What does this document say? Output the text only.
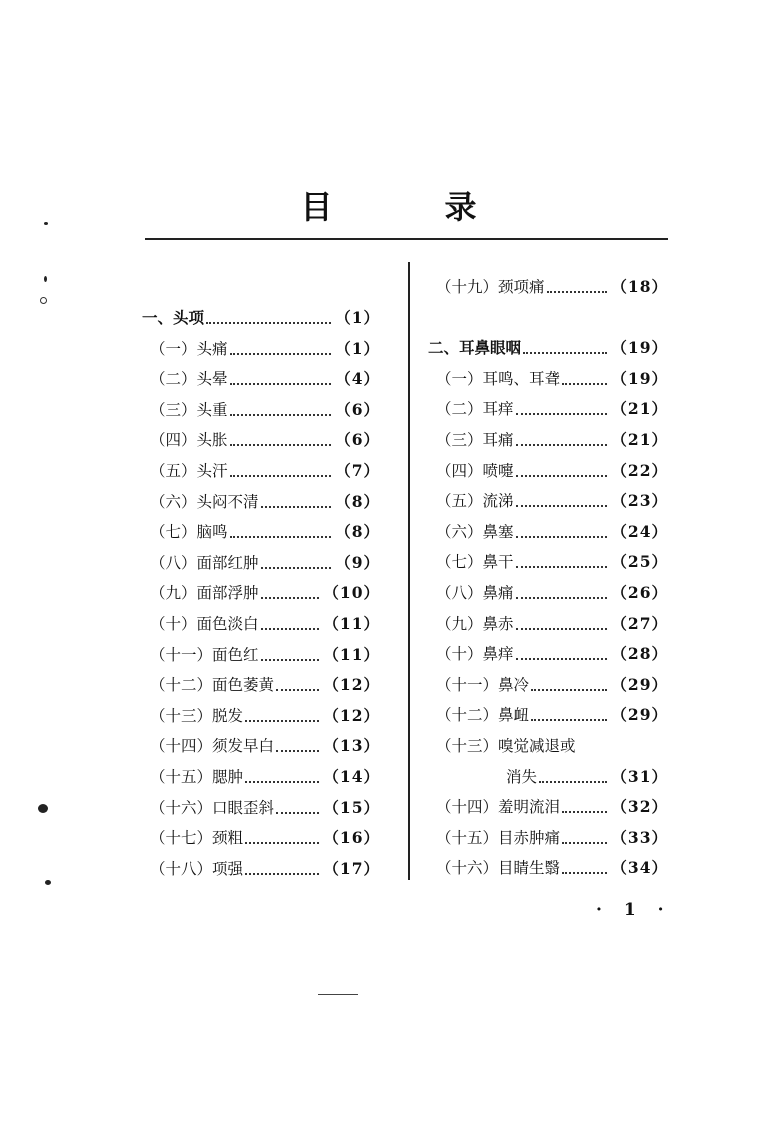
目　录
一、头项	（1）
（一）头痛	（1）
（二）头晕	（4）
（三）头重	（6）
（四）头胀	（6）
（五）头汗	（7）
（六）头闷不清	（8）
（七）脑鸣	（8）
（八）面部红肿	（9）
（九）面部浮肿	（10）
（十）面色淡白	（11）
（十一）面色红	（11）
（十二）面色萎黄	（12）
（十三）脱发	（12）
（十四）须发早白	（13）
（十五）腮肿	（14）
（十六）口眼歪斜	（15）
（十七）颈粗	（16）
（十八）项强	（17）
（十九）颈项痛	（18）
二、耳鼻眼咽	（19）
（一）耳鸣、耳聋	（19）
（二）耳痒	（21）
（三）耳痛	（21）
（四）喷嚏	（22）
（五）流涕	（23）
（六）鼻塞	（24）
（七）鼻干	（25）
（八）鼻痛	（26）
（九）鼻赤	（27）
（十）鼻痒	（28）
（十一）鼻冷	（29）
（十二）鼻衄	（29）
（十三）嗅觉减退或
消失	（31）
（十四）羞明流泪	（32）
（十五）目赤肿痛	（33）
（十六）目睛生翳	（34）
· 1 ·
